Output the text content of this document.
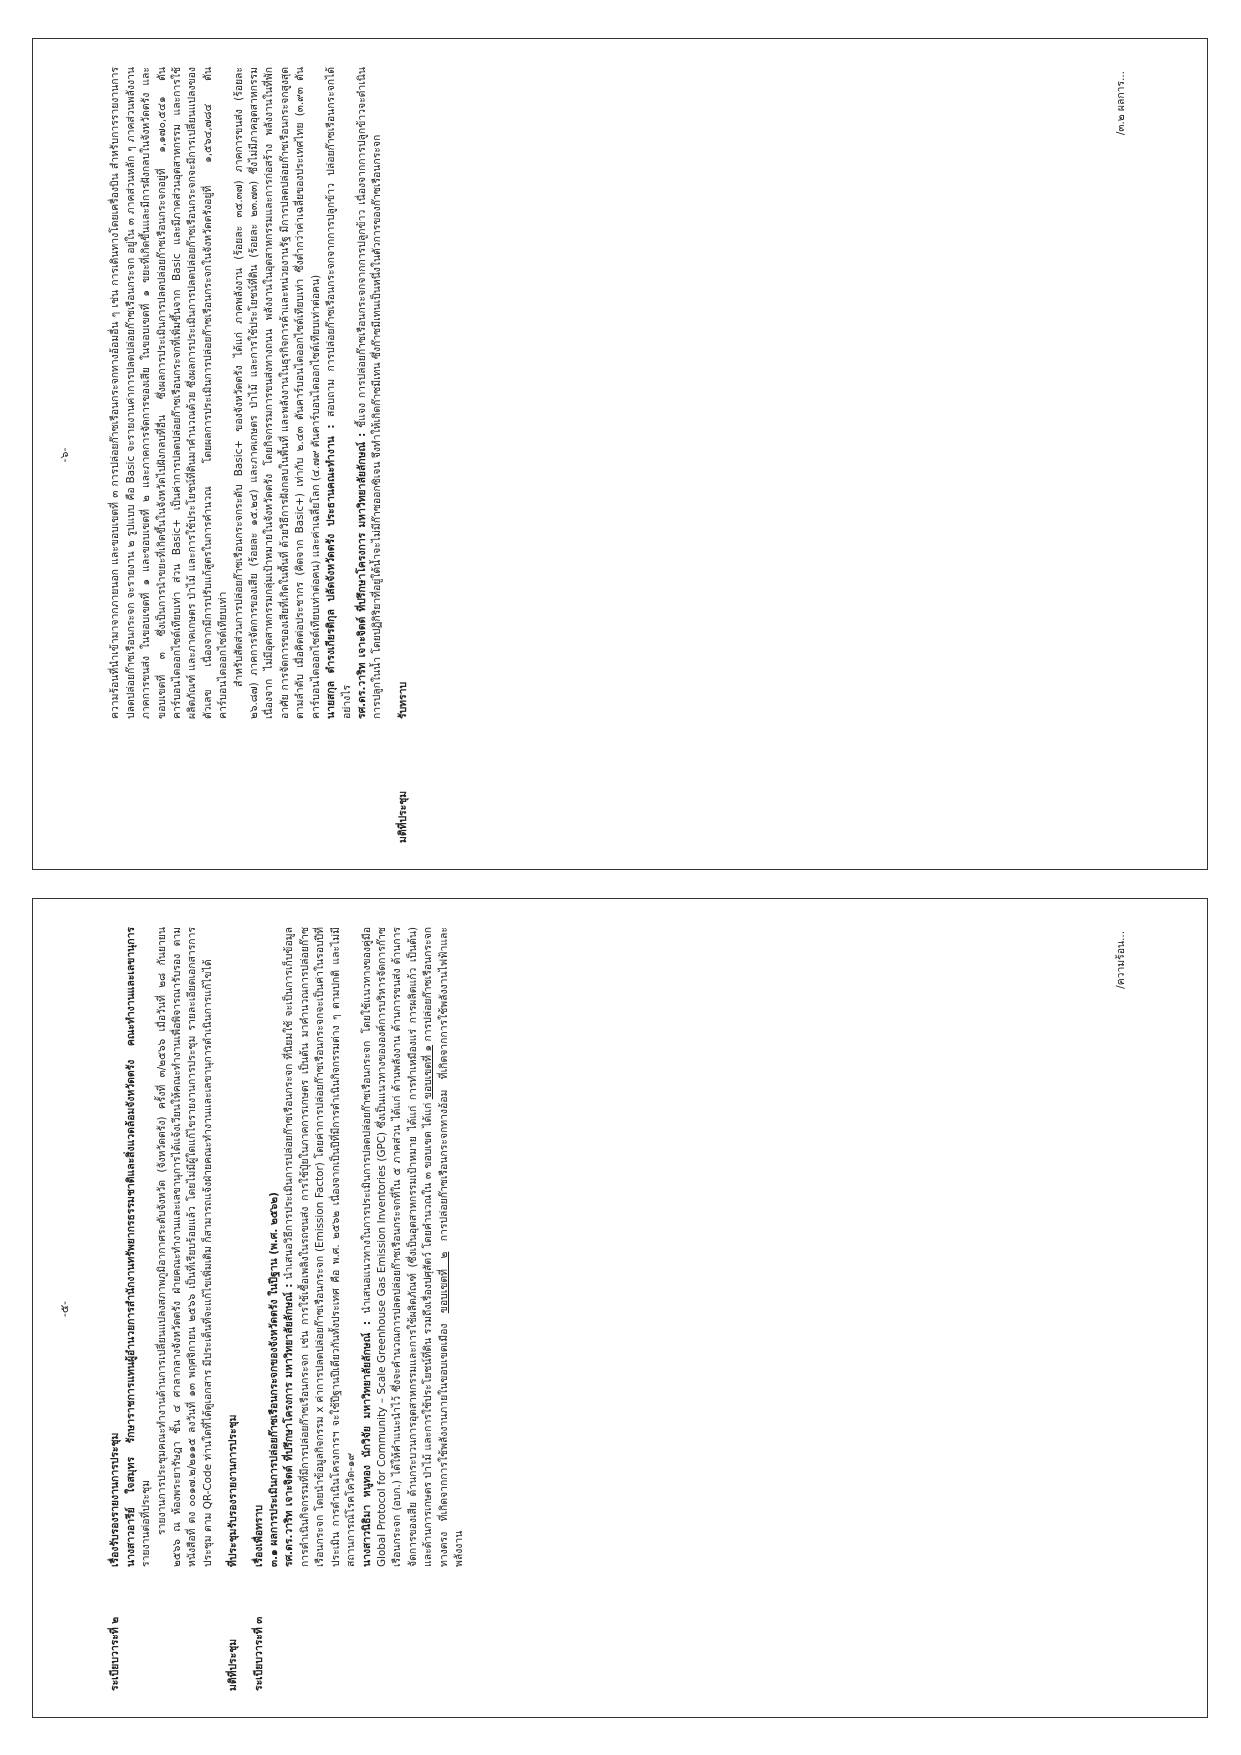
-๖-	ความร้อนที่นำเข้ามาจากภายนอก และขอบเขตที่ ๓ การปล่อยก๊าซเรือนกระจกทางอ้อมอื่น ๆ เช่น การเดินทางโดยเครื่องบิน สำหรับการรายงานการปลดปล่อยก๊าซเรือนกระจก จะรายงาน ๒ รูปแบบ คือ Basic จะรายงานค่าการปลดปล่อยก๊าซเรือนกระจก อยู่ใน ๓ ภาคส่วนหลัก ๆ ภาคส่วนพลังงาน ภาคการขนส่ง ในขอบเขตที่ ๑ และขอบเขตที่ ๒ และภาคการจัดการของเสีย ในขอบเขตที่ ๑ ขยะที่เกิดขึ้นและมีการฝังกลบในจังหวัดตรัง และขอบเขตที่ ๓ ซึ่งเป็นการนำขยะที่เกิดขึ้นในจังหวัดไปฝังกลบที่อื่น ซึ่งผลการประเมินการปลดปล่อยก๊าซเรือนกระจกอยู่ที่ ๑,๑๗๐,๕๔๑ ตันคาร์บอนไดออกไซด์เทียบเท่า ส่วน Basic+ เป็นค่าการปลดปล่อยก๊าซเรือนกระจกที่เพิ่มขึ้นจาก Basic และมีภาคส่วนอุตสาหกรรม และการใช้ผลิตภัณฑ์ และภาคเกษตร ป่าไม้ และการใช้ประโยชน์ที่ดินมาคำนวณด้วย ซึ่งผลการประเมินการปลดปล่อยก๊าซเรือนกระจกจะมีการเปลี่ยนแปลงของตัวเลข เนื่องจากมีการปรับแก้สูตรในการคำนวณ โดยผลการประเมินการปล่อยก๊าซเรือนกระจกในจังหวัดตรังอยู่ที่ ๑,๕๖๔,๗๘๔ ตันคาร์บอนไดออกไซด์เทียบเท่า สำหรับสัดส่วนการปล่อยก๊าซเรือนกระจกระดับ Basic+ ของจังหวัดตรัง ได้แก่ ภาคพลังงาน (ร้อยละ ๓๕.๓๗) ภาคการขนส่ง (ร้อยละ ๒๖.๘๗) ภาคการจัดการของเสีย (ร้อยละ ๑๕.๒๔) และภาคเกษตร ป่าไม้ และการใช้ประโยชน์ที่ดิน (ร้อยละ ๒๓.๗๓) ซึ่งไม่มีภาคอุตสาหกรรม เนื่องจาก ไม่มีอุตสาหกรรมกลุ่มเป้าหมายในจังหวัดตรัง โดยกิจกรรมการขนส่งทางถนน พลังงานในอุตสาหกรรมและการก่อสร้าง พลังงานในที่พักอาศัย การจัดการของเสียที่เกิดในพื้นที่ ด้วยวิธีการฝังกลบในพื้นที่ และพลังงานในธุรกิจการค้าและหน่วยงานรัฐ มีการปลดปล่อยก๊าซเรือนกระจกสูงสุดตามลำดับ เมื่อคิดต่อประชากร (คิดจาก Basic+) เท่ากับ ๒.๔๓ ตันคาร์บอนไดออกไซด์เทียบเท่า ซึ่งต่ำกว่าค่าเฉลี่ยของประเทศไทย (๓.๙๓ ตันคาร์บอนไดออกไซด์เทียบเท่าต่อคน) และค่าเฉลี่ยโลก (๔.๗๙ ตันคาร์บอนไดออกไซด์เทียบเท่าต่อคน) นายสกุล ตำรงเกียรติกุล ปลัดจังหวัดตรัง ประธานคณะทำงาน : สอบถาม การปล่อยก๊าซเรือนกระจกจากการปลูกข้าว ปล่อยก๊าซเรือนกระจกได้อย่างไร รศ.ดร.วาริท เจาะจิตต์ ที่ปรึกษาโครงการ มหาวิทยาลัยลักษณ์ : ชี้แจง การปล่อยก๊าซเรือนกระจกจากการปลูกข้าว เนื่องจากการปลูกข้าวจะดำเนินการปลูกในน้ำ โดยปฏิกิริยาที่อยู่ใต้น้ำจะไม่มีก๊าซออกซิเจน จึงทำให้เกิดก๊าซมีเทน ซึ่งก๊าซมีเทนเป็นหนึ่งในตัวการของก๊าซเรือนกระจก

มติที่ประชุม
รับทราบ
/๓.๒ ผลการ...
-๕-
ระเบียบวาระที่ ๒
เรื่องรับรองรายงานการประชุม นางสาวอารีย์ ใจสมุทร รักษาราชการแทนผู้อำนวยการสำนักงานทรัพยากรธรรมชาติและสิ่งแวดล้อมจังหวัดตรัง คณะทำงานและเลขานุการ รายงานต่อที่ประชุม รายงานการประชุมคณะทำงานด้านการเปลี่ยนแปลงสภาพภูมิอากาศระดับจังหวัด (จังหวัดตรัง) ครั้งที่ ๓/๒๕๖๖ เมื่อวันที่ ๒๘ กันยายน ๒๕๖๖ ณ ห้องพระยารัษฎา ชั้น ๔ ศาลากลางจังหวัดตรัง ฝ่ายคณะทำงานและเลขานุการได้แจ้งเวียนให้คณะทำงานเพื่อพิจารณารับรอง ตามหนังสือที่ ตง ๐๐๑๗.๒/๒๑๑๕ ลงวันที่ ๑๓ พฤศจิกายน ๒๕๖๖ เป็นที่เรียบร้อยแล้ว โดยไม่มีผู้ใดแก้ไขรายงานการประชุม รายละเอียดเอกสารการประชุม ตาม QR-Code ท่านใดที่ได้ดูเอกสาร มีประเด็นที่จะแก้ไขเพิ่มเติม ก็สามารถแจ้งฝ่ายคณะทำงานและเลขานุการดำเนินการแก้ไขได้

มติที่ประชุม
ที่ประชุมรับรองรายงานการประชุม
ระเบียบวาระที่ ๓
เรื่องเพื่อทราบ ๓.๑ ผลการประเมินการปล่อยก๊าซเรือนกระจกของจังหวัดตรัง ในปีฐาน (พ.ศ. ๒๕๖๒) รศ.ดร.วาริท เจาะจิตต์ ที่ปรึกษาโครงการ มหาวิทยาลัยลักษณ์ : นำเสนอวิธีการประเมินการปล่อยก๊าซเรือนกระจก ที่นิยมใช้ จะเป็นการเก็บข้อมูลการดำเนินกิจกรรมที่มีการปล่อยก๊าซเรือนกระจก เช่น การใช้เชื้อเพลิงในรถขนส่ง การใช้ปุ๋ยในภาคการเกษตร เป็นต้น มาคำนวณการปล่อยก๊าซเรือนกระจก โดยนำข้อมูลกิจกรรม x ค่าการปลดปล่อยก๊าซเรือนกระจก (Emission Factor) โดยค่าการปล่อยก๊าซเรือนกระจกจะเป็นค่าในรอบปีที่ประเมิน การดำเนินโครงการฯ จะใช้ปีฐานปีเดียวกันทั้งประเทศ คือ พ.ศ. ๒๕๖๒ เนื่องจากเป็นปีที่มีการดำเนินกิจกรรมต่าง ๆ ตามปกติ และไม่มีสถานการณ์โรคโควิด-๑๙ นางสาวนิธิมา หนูทอง นักวิจัย มหาวิทยาลัยลักษณ์ : นำเสนอแนวทางในการประเมินการปลดปล่อยก๊าซเรือนกระจก โดยใช้แนวทางของคู่มือ Global Protocol for Community – Scale Greenhouse Gas Emission Inventories (GPC) ซึ่งเป็นแนวทางขององค์การบริหารจัดการก๊าซเรือนกระจก (อบก.) ได้ให้คำแนะนำไว้ ซึ่งจะคำนวณการปลดปล่อยก๊าซเรือนกระจกที่ใน ๕ ภาคส่วน ได้แก่ ด้านพลังงาน ด้านการขนส่ง ด้านการจัดการของเสีย ด้านกระบวนการอุตสาหกรรมและการใช้ผลิตภัณฑ์ (ซึ่งเป็นอุตสาหกรรมเป้าหมาย ได้แก่ การทำเหมืองแร่ การผลิตแก้ว เป็นต้น) และด้านการเกษตร ป่าไม้ และการใช้ประโยชน์ที่ดิน รวมถึงเรื่องปศุสัตว์ โดยคำนวณใน ๓ ขอบเขต ได้แก่ ขอบเขตที่ ๑ การปล่อยก๊าซเรือนกระจกทางตรง ที่เกิดจากการใช้พลังงานภายในขอบเขตเมือง ขอบเขตที่ ๒ การปล่อยก๊าซเรือนกระจกทางอ้อม ที่เกิดจากการใช้พลังงานไฟฟ้าและพลังงาน

/ความร้อน...
